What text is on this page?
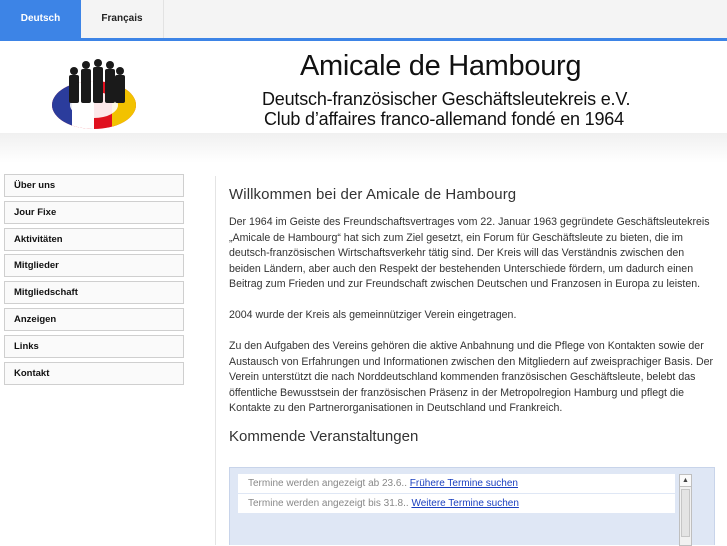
Deutsch	Français
Amicale de Hambourg
Deutsch-französischer Geschäftsleutekreis e.V.
Club d’affaires franco-allemand fondé en 1964
Über uns
Jour Fixe
Aktivitäten
Mitglieder
Mitgliedschaft
Anzeigen
Links
Kontakt
Willkommen bei der Amicale de Hambourg

Der 1964 im Geiste des Freundschaftsvertrages vom 22. Januar 1963 gegründete Geschäftsleutekreis „Amicale de Hambourg“ hat sich zum Ziel gesetzt, ein Forum für Geschäftsleute zu bieten, die im deutsch-französischen Wirtschaftsverkehr tätig sind. Der Kreis will das Verständnis zwischen den beiden Ländern, aber auch den Respekt der bestehenden Unterschiede fördern, um dadurch einen Beitrag zum Frieden und zur Freundschaft zwischen Deutschen und Franzosen in Europa zu leisten.

2004 wurde der Kreis als gemeinnütziger Verein eingetragen.

Zu den Aufgaben des Vereins gehören die aktive Anbahnung und die Pflege von Kontakten sowie der Austausch von Erfahrungen und Informationen zwischen den Mitgliedern auf zweisprachiger Basis. Der Verein unterstützt die nach Norddeutschland kommenden französischen Geschäftsleute, belebt das öffentliche Bewusstsein der französischen Präsenz in der Metropolregion Hamburg und pflegt die Kontakte zu den Partnerorganisationen in Deutschland und Frankreich.

Kommende Veranstaltungen
Termine werden angezeigt ab 23.6.. Frühere Termine suchen
Termine werden angezeigt bis 31.8.. Weitere Termine suchen
▲
